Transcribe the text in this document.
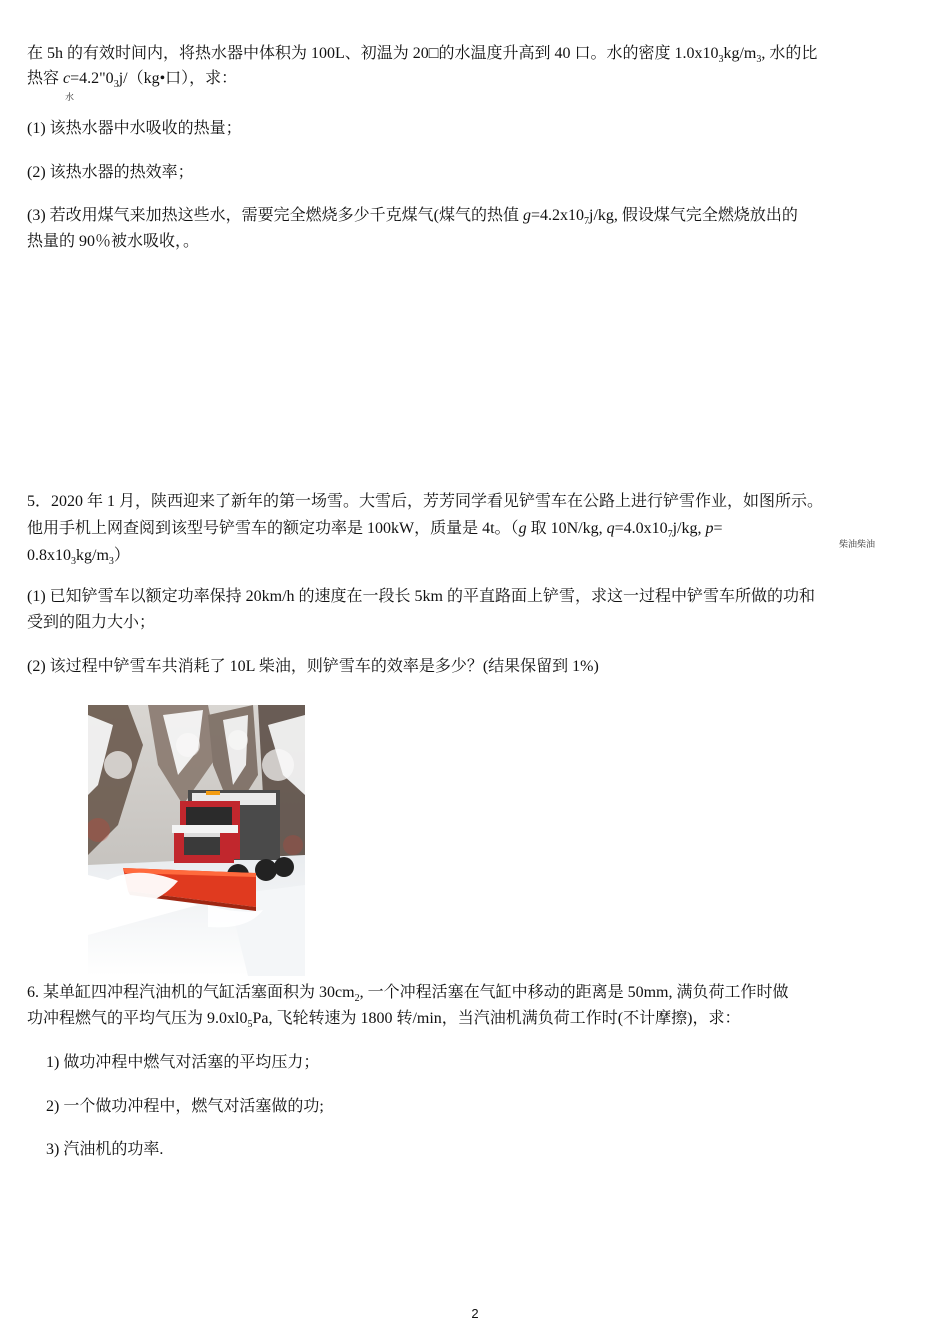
在 5h 的有效时间内，将热水器中体积为 100L、初温为 20□的水温度升高到 40 口。水的密度 $1.0x10_3kg/m_3$, 水的比
热容 $c=4.2"0_3j/(kg•$口），求：
水
(1) 该热水器中水吸收的热量；
(2) 该热水器的热效率；
(3) 若改用煤气来加热这些水，需要完全燃烧多少千克煤气(煤气的热值 $g=4.2x10_7j/kg$, 假设煤气完全燃烧放出的
热量的 90％被水吸收，。
5．2020 年 1 月，陕西迎来了新年的第一场雪。大雪后，芳芳同学看见铲雪车在公路上进行铲雪作业，如图所示。
他用手机上网查阅到该型号铲雪车的额定功率是 100kW，质量是 4t。（g 取 10N/kg, $q=4.0x10_7j/kg$, p=
柴油柴油
$0.8x10_3kg/m_3$）
(1) 已知铲雪车以额定功率保持 20km/h 的速度在一段长 5km 的平直路面上铲雪，求这一过程中铲雪车所做的功和
受到的阻力大小；
(2) 该过程中铲雪车共消耗了 10L 柴油，则铲雪车的效率是多少？(结果保留到 1%)
6. 某单缸四冲程汽油机的气缸活塞面积为 $30cm_2$, 一个冲程活塞在气缸中移动的距离是 50mm, 满负荷工作时做
功冲程燃气的平均气压为 $9.0xl0_5Pa$, 飞轮转速为 1800 转/min，当汽油机满负荷工作时(不计摩擦)，求：
1) 做功冲程中燃气对活塞的平均压力；
2) 一个做功冲程中，燃气对活塞做的功;
3) 汽油机的功率.
2
